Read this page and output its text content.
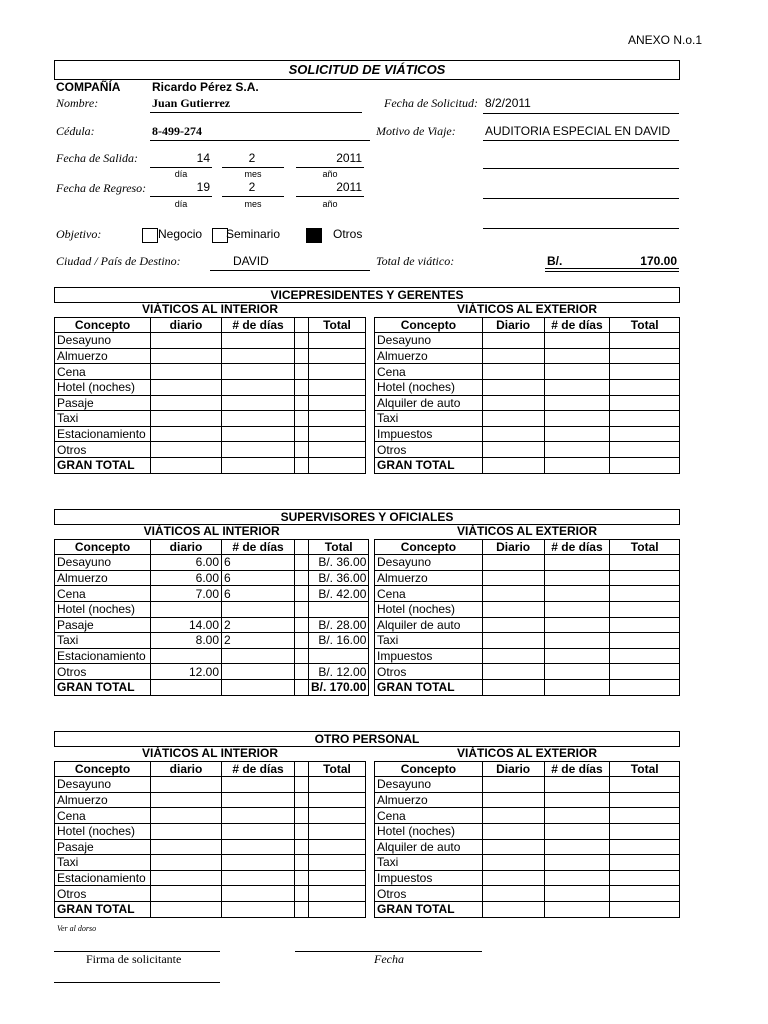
ANEXO N.o.1
SOLICITUD DE VIÁTICOS
COMPAÑÍA	Ricardo Pérez S.A.
Nombre:	Juan Gutierrez	Fecha de Solicitud: 8/2/2011
Cédula:	8-499-274	Motivo de Viaje: AUDITORIA ESPECIAL EN DAVID
Fecha de Salida:	14	2	2011
día	mes	año
Fecha de Regreso:	19	2	2011
día	mes	año
Objetivo:	Negocio Seminario	Otros
Ciudad / País de Destino:	DAVID	Total de viático:	B/.	170.00
VICEPRESIDENTES Y GERENTES
VIÁTICOS AL INTERIOR				
Concepto	diario	# de días		Total
Desayuno				
Almuerzo				
Cena				
Hotel (noches)				
Pasaje				
Taxi				
Estacionamiento				
Otros				
GRAN TOTAL				
VIÁTICOS AL EXTERIOR			
Concepto	Diario	# de días	Total
Desayuno			
Almuerzo			
Cena			
Hotel (noches)			
Alquiler de auto			
Taxi			
Impuestos			
Otros			
GRAN TOTAL			
SUPERVISORES Y OFICIALES
VIÁTICOS AL INTERIOR				
Concepto	diario	# de días		Total
Desayuno	6.00	6		B/. 36.00
Almuerzo	6.00	6		B/. 36.00
Cena	7.00	6		B/. 42.00
Hotel (noches)				
Pasaje	14.00	2		B/. 28.00
Taxi	8.00	2		B/. 16.00
Estacionamiento				
Otros	12.00			B/. 12.00
GRAN TOTAL				B/. 170.00
VIÁTICOS AL EXTERIOR			
Concepto	Diario	# de días	Total
Desayuno			
Almuerzo			
Cena			
Hotel (noches)			
Alquiler de auto			
Taxi			
Impuestos			
Otros			
GRAN TOTAL			
OTRO PERSONAL
VIÁTICOS AL INTERIOR				
Concepto	diario	# de días		Total
Desayuno				
Almuerzo				
Cena				
Hotel (noches)				
Pasaje				
Taxi				
Estacionamiento				
Otros				
GRAN TOTAL				
VIÁTICOS AL EXTERIOR			
Concepto	Diario	# de días	Total
Desayuno			
Almuerzo			
Cena			
Hotel (noches)			
Alquiler de auto			
Taxi			
Impuestos			
Otros			
GRAN TOTAL			
Ver al dorso
Firma de solicitante	Fecha
